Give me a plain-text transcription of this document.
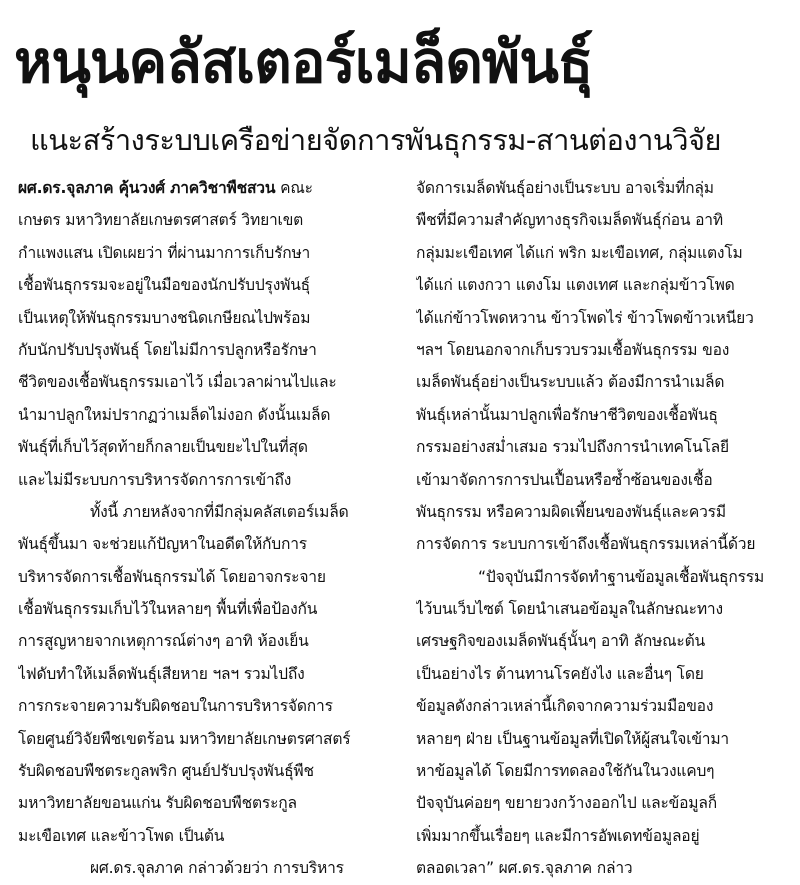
หนุนคลัสเตอร์เมล็ดพันธุ์
แนะสร้างระบบเครือข่ายจัดการพันธุกรรม-สานต่องานวิจัย
ผศ.ดร.จุลภาค คุ้นวงศ์ ภาควิชาพืชสวน คณะ
เกษตร มหาวิทยาลัยเกษตรศาสตร์ วิทยาเขต
กำแพงแสน เปิดเผยว่า ที่ผ่านมาการเก็บรักษา
เชื้อพันธุกรรมจะอยู่ในมือของนักปรับปรุงพันธุ์
เป็นเหตุให้พันธุกรรมบางชนิดเกษียณไปพร้อม
กับนักปรับปรุงพันธุ์ โดยไม่มีการปลูกหรือรักษา
ชีวิตของเชื้อพันธุกรรมเอาไว้ เมื่อเวลาผ่านไปและ
นำมาปลูกใหม่ปรากฏว่าเมล็ดไม่งอก ดังนั้นเมล็ด
พันธุ์ที่เก็บไว้สุดท้ายก็กลายเป็นขยะไปในที่สุด
และไม่มีระบบการบริหารจัดการการเข้าถึง
ทั้งนี้ ภายหลังจากที่มีกลุ่มคลัสเตอร์เมล็ด
พันธุ์ขึ้นมา จะช่วยแก้ปัญหาในอดีตให้กับการ
บริหารจัดการเชื้อพันธุกรรมได้ โดยอาจกระจาย
เชื้อพันธุกรรมเก็บไว้ในหลายๆ พื้นที่เพื่อป้องกัน
การสูญหายจากเหตุการณ์ต่างๆ อาทิ ห้องเย็น
ไฟดับทำให้เมล็ดพันธุ์เสียหาย ฯลฯ รวมไปถึง
การกระจายความรับผิดชอบในการบริหารจัดการ
โดยศูนย์วิจัยพืชเขตร้อน มหาวิทยาลัยเกษตรศาสตร์
รับผิดชอบพืชตระกูลพริก ศูนย์ปรับปรุงพันธุ์พืช
มหาวิทยาลัยขอนแก่น รับผิดชอบพืชตระกูล
มะเขือเทศ และข้าวโพด เป็นต้น
ผศ.ดร.จุลภาค กล่าวด้วยว่า การบริหาร
จัดการเมล็ดพันธุ์อย่างเป็นระบบ อาจเริ่มที่กลุ่ม
พืชที่มีความสำคัญทางธุรกิจเมล็ดพันธุ์ก่อน อาทิ
กลุ่มมะเขือเทศ ได้แก่ พริก มะเขือเทศ, กลุ่มแตงโม
ได้แก่ แตงกวา แตงโม แตงเทศ และกลุ่มข้าวโพด
ได้แก่ข้าวโพดหวาน ข้าวโพดไร่ ข้าวโพดข้าวเหนียว
ฯลฯ โดยนอกจากเก็บรวบรวมเชื้อพันธุกรรม ของ
เมล็ดพันธุ์อย่างเป็นระบบแล้ว ต้องมีการนำเมล็ด
พันธุ์เหล่านั้นมาปลูกเพื่อรักษาชีวิตของเชื้อพันธุ
กรรมอย่างสม่ำเสมอ รวมไปถึงการนำเทคโนโลยี
เข้ามาจัดการการปนเปื้อนหรือซ้ำซ้อนของเชื้อ
พันธุกรรม หรือความผิดเพี้ยนของพันธุ์และควรมี
การจัดการ ระบบการเข้าถึงเชื้อพันธุกรรมเหล่านี้ด้วย
“ปัจจุบันมีการจัดทำฐานข้อมูลเชื้อพันธุกรรม
ไว้บนเว็บไซต์ โดยนำเสนอข้อมูลในลักษณะทาง
เศรษฐกิจของเมล็ดพันธุ์นั้นๆ อาทิ ลักษณะต้น
เป็นอย่างไร ต้านทานโรคยังไง และอื่นๆ โดย
ข้อมูลดังกล่าวเหล่านี้เกิดจากความร่วมมือของ
หลายๆ ฝ่าย เป็นฐานข้อมูลที่เปิดให้ผู้สนใจเข้ามา
หาข้อมูลได้ โดยมีการทดลองใช้กันในวงแคบๆ
ปัจจุบันค่อยๆ ขยายวงกว้างออกไป และข้อมูลก็
เพิ่มมากขึ้นเรื่อยๆ และมีการอัพเดทข้อมูลอยู่
ตลอดเวลา” ผศ.ดร.จุลภาค กล่าว
